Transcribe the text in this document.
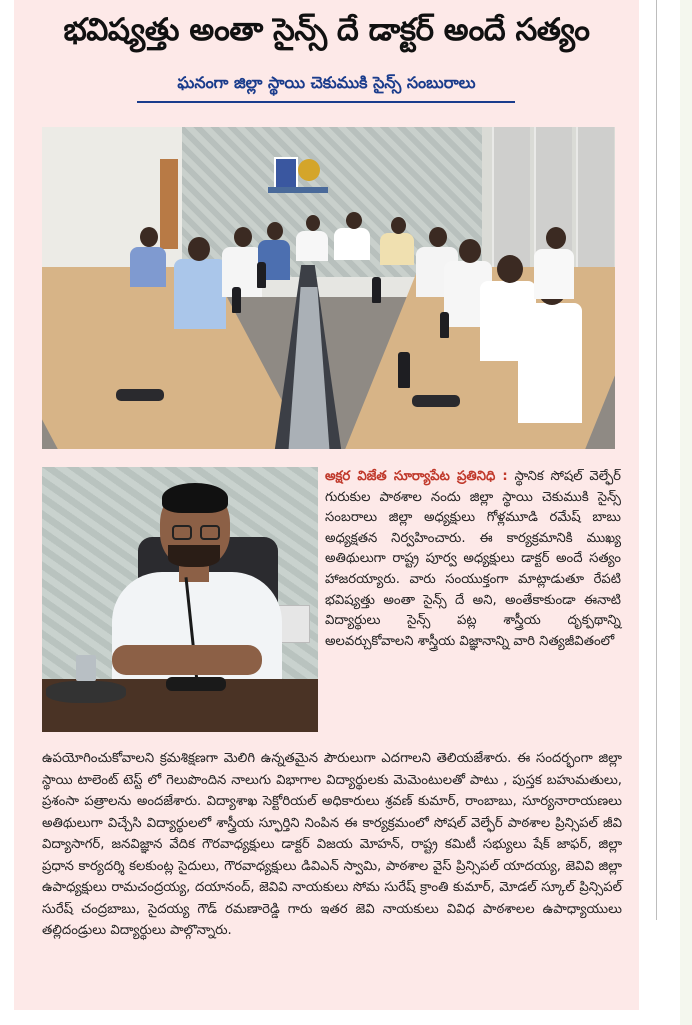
భవిష్యత్తు అంతా సైన్స్ దే డాక్టర్ అందే సత్యం
ఘనంగా జిల్లా స్థాయి చెకుముకి సైన్స్ సంబురాలు
అక్షర విజేత సూర్యాపేట ప్రతినిధి : స్థానిక సోషల్ వెల్ఫేర్ గురుకుల పాఠశాల నందు జిల్లా స్థాయి చెకుముకి సైన్స్ సంబరాలు జిల్లా అధ్యక్షులు గోళ్లమూడి రమేష్ బాబు అధ్యక్షతన నిర్వహించారు. ఈ కార్యక్రమానికి ముఖ్య అతిథులుగా రాష్ట్ర పూర్వ అధ్యక్షులు డాక్టర్ అందే సత్యం హాజరయ్యారు. వారు సంయుక్తంగా మాట్లాడుతూ రేపటి భవిష్యత్తు అంతా సైన్స్ దే అని, అంతేకాకుండా ఈనాటి విద్యార్థులు సైన్స్ పట్ల శాస్త్రీయ దృక్పథాన్ని అలవర్చుకోవాలని శాస్త్రీయ విజ్ఞానాన్ని వారి నిత్యజీవితంలో
ఉపయోగించుకోవాలని క్రమశిక్షణగా మెలిగి ఉన్నతమైన పౌరులుగా ఎదగాలని తెలియజేశారు. ఈ సందర్భంగా జిల్లా స్థాయి టాలెంట్ టెస్ట్ లో గెలుపొందిన నాలుగు విభాగాల విద్యార్థులకు మెమెంటులతో పాటు , పుస్తక బహుమతులు, ప్రశంసా పత్రాలను అందజేశారు. విద్యాశాఖ సెక్టోరియల్ అధికారులు శ్రవణ్ కుమార్, రాంబాబు, సూర్యనారాయణలు అతిథులుగా విచ్చేసి విద్యార్థులలో శాస్త్రీయ స్ఫూర్తిని నింపిన ఈ కార్యక్రమంలో సోషల్ వెల్ఫేర్ పాఠశాల ప్రిన్సిపల్ జీవి విద్యాసాగర్, జనవిజ్ఞాన వేదిక గౌరవాధ్యక్షులు డాక్టర్ విజయ మోహన్, రాష్ట్ర కమిటీ సభ్యులు షేక్ జాఫర్, జిల్లా ప్రధాన కార్యదర్శి కలకుంట్ల సైదులు, గౌరవాధ్యక్షులు డివిఎన్ స్వామి, పాఠశాల వైస్ ప్రిన్సిపల్ యాదయ్య, జెవివి జిల్లా ఉపాధ్యక్షులు రామచంద్రయ్య, దయానంద్, జెవివి నాయకులు సోమ సురేష్ క్రాంతి కుమార్, మోడల్ స్కూల్ ప్రిన్సిపల్ సురేష్ చంద్రబాబు, సైదయ్య గౌడ్ రమణారెడ్డి గారు ఇతర జెవి నాయకులు వివిధ పాఠశాలల ఉపాధ్యాయులు తల్లిదండ్రులు విద్యార్థులు పాల్గొన్నారు.
